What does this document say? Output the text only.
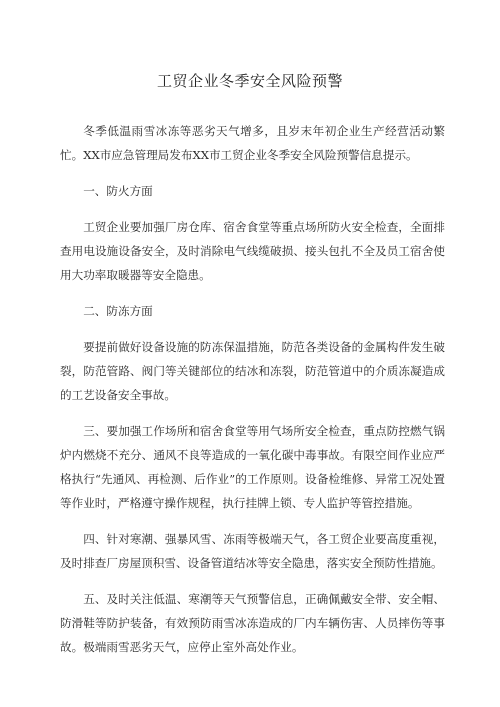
工贸企业冬季安全风险预警

冬季低温雨雪冰冻等恶劣天气增多，且岁末年初企业生产经营活动繁忙。XX市应急管理局发布XX市工贸企业冬季安全风险预警信息提示。

一、防火方面

工贸企业要加强厂房仓库、宿舍食堂等重点场所防火安全检查，全面排查用电设施设备安全，及时消除电气线缆破损、接头包扎不全及员工宿舍使用大功率取暖器等安全隐患。

二、防冻方面

要提前做好设备设施的防冻保温措施，防范各类设备的金属构件发生破裂，防范管路、阀门等关键部位的结冰和冻裂，防范管道中的介质冻凝造成的工艺设备安全事故。

三、要加强工作场所和宿舍食堂等用气场所安全检查，重点防控燃气锅炉内燃烧不充分、通风不良等造成的一氧化碳中毒事故。有限空间作业应严格执行“先通风、再检测、后作业”的工作原则。设备检维修、异常工况处置等作业时，严格遵守操作规程，执行挂牌上锁、专人监护等管控措施。

四、针对寒潮、强暴风雪、冻雨等极端天气，各工贸企业要高度重视，及时排查厂房屋顶积雪、设备管道结冰等安全隐患，落实安全预防性措施。

五、及时关注低温、寒潮等天气预警信息，正确佩戴安全带、安全帽、防滑鞋等防护装备，有效预防雨雪冰冻造成的厂内车辆伤害、人员摔伤等事故。极端雨雪恶劣天气，应停止室外高处作业。
